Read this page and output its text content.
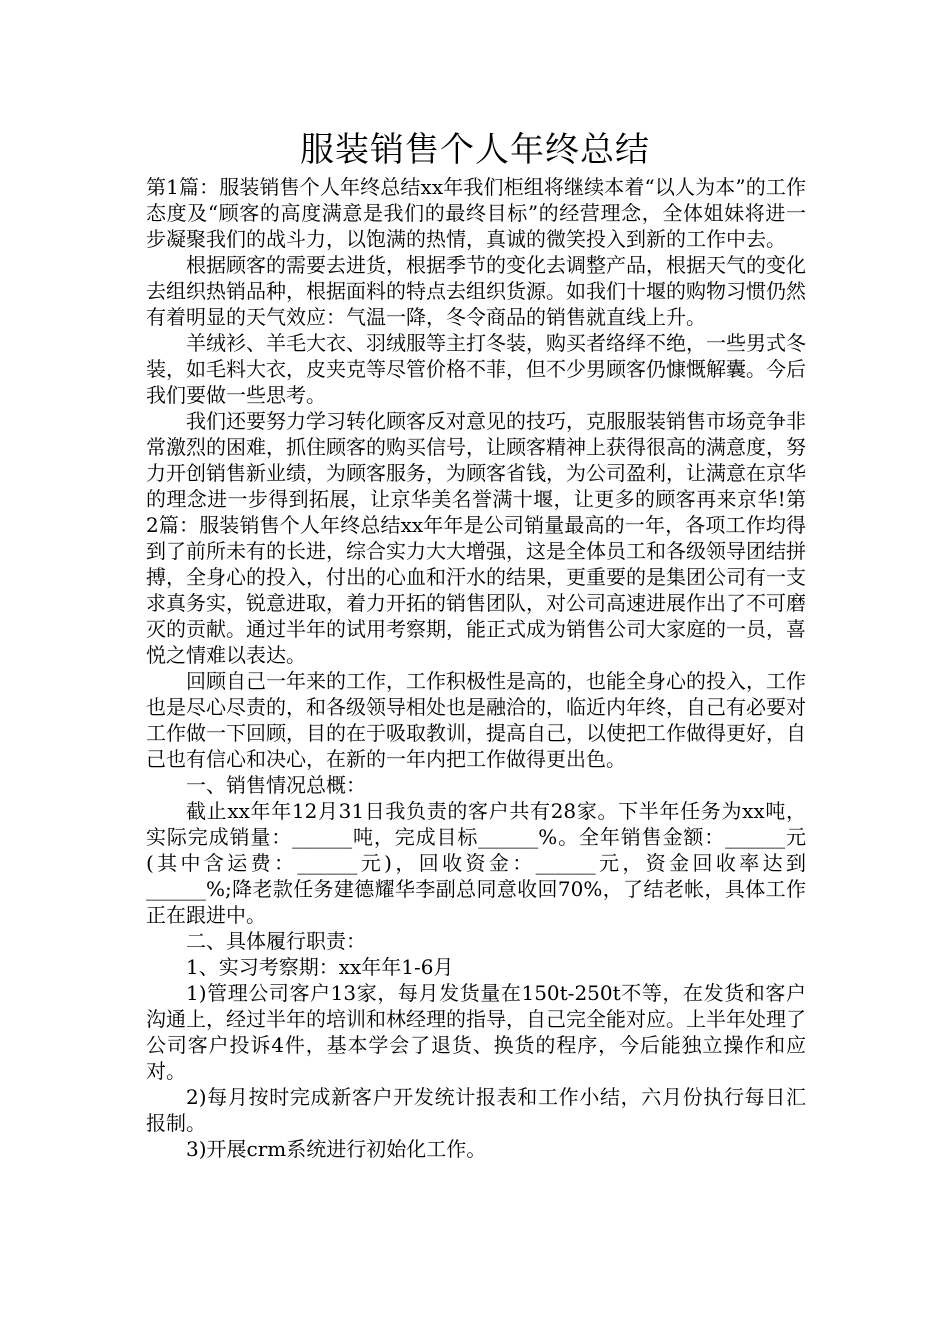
服装销售个人年终总结

第1篇：服装销售个人年终总结xx年我们柜组将继续本着“以人为本”的工作态度及“顾客的高度满意是我们的最终目标”的经营理念，全体姐妹将进一步凝聚我们的战斗力，以饱满的热情，真诚的微笑投入到新的工作中去。

根据顾客的需要去进货，根据季节的变化去调整产品，根据天气的变化去组织热销品种，根据面料的特点去组织货源。如我们十堰的购物习惯仍然有着明显的天气效应：气温一降，冬令商品的销售就直线上升。

羊绒衫、羊毛大衣、羽绒服等主打冬装，购买者络绎不绝，一些男式冬装，如毛料大衣，皮夹克等尽管价格不菲，但不少男顾客仍慷慨解囊。今后我们要做一些思考。

我们还要努力学习转化顾客反对意见的技巧，克服服装销售市场竞争非常激烈的困难，抓住顾客的购买信号，让顾客精神上获得很高的满意度，努力开创销售新业绩，为顾客服务，为顾客省钱，为公司盈利，让满意在京华的理念进一步得到拓展，让京华美名誉满十堰，让更多的顾客再来京华!第2篇：服装销售个人年终总结xx年年是公司销量最高的一年，各项工作均得到了前所未有的长进，综合实力大大增强，这是全体员工和各级领导团结拼搏，全身心的投入，付出的心血和汗水的结果，更重要的是集团公司有一支求真务实，锐意进取，着力开拓的销售团队，对公司高速进展作出了不可磨灭的贡献。通过半年的试用考察期，能正式成为销售公司大家庭的一员，喜悦之情难以表达。

回顾自己一年来的工作，工作积极性是高的，也能全身心的投入，工作也是尽心尽责的，和各级领导相处也是融洽的，临近内年终，自己有必要对工作做一下回顾，目的在于吸取教训，提高自己，以使把工作做得更好，自己也有信心和决心，在新的一年内把工作做得更出色。

一、销售情况总概：

截止xx年年12月31日我负责的客户共有28家。下半年任务为xx吨，实际完成销量：______吨，完成目标______%。全年销售金额：______元(其中含运费：______元)，回收资金：______元，资金回收率达到______%;降老款任务建德耀华李副总同意收回70%，了结老帐，具体工作正在跟进中。

二、具体履行职责：

1、实习考察期：xx年年1-6月

1)管理公司客户13家，每月发货量在150t-250t不等，在发货和客户沟通上，经过半年的培训和林经理的指导，自己完全能对应。上半年处理了公司客户投诉4件，基本学会了退货、换货的程序，今后能独立操作和应对。

2)每月按时完成新客户开发统计报表和工作小结，六月份执行每日汇报制。

3)开展crm系统进行初始化工作。
